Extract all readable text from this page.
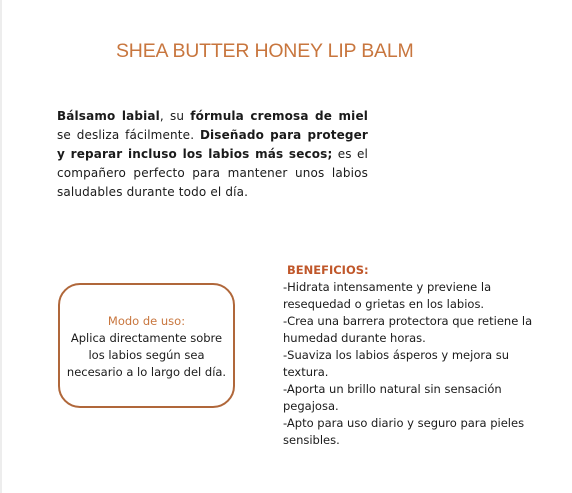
SHEA BUTTER HONEY LIP BALM

Bálsamo labial, su fórmula cremosa de miel se desliza fácilmente. Diseñado para proteger y reparar incluso los labios más secos; es el compañero perfecto para mantener unos labios saludables durante todo el día.

Modo de uso:
Aplica directamente sobre los labios según sea necesario a lo largo del día.
BENEFICIOS:
-Hidrata intensamente y previene la resequedad o grietas en los labios.
-Crea una barrera protectora que retiene la humedad durante horas.
-Suaviza los labios ásperos y mejora su textura.
-Aporta un brillo natural sin sensación pegajosa.
-Apto para uso diario y seguro para pieles sensibles.
